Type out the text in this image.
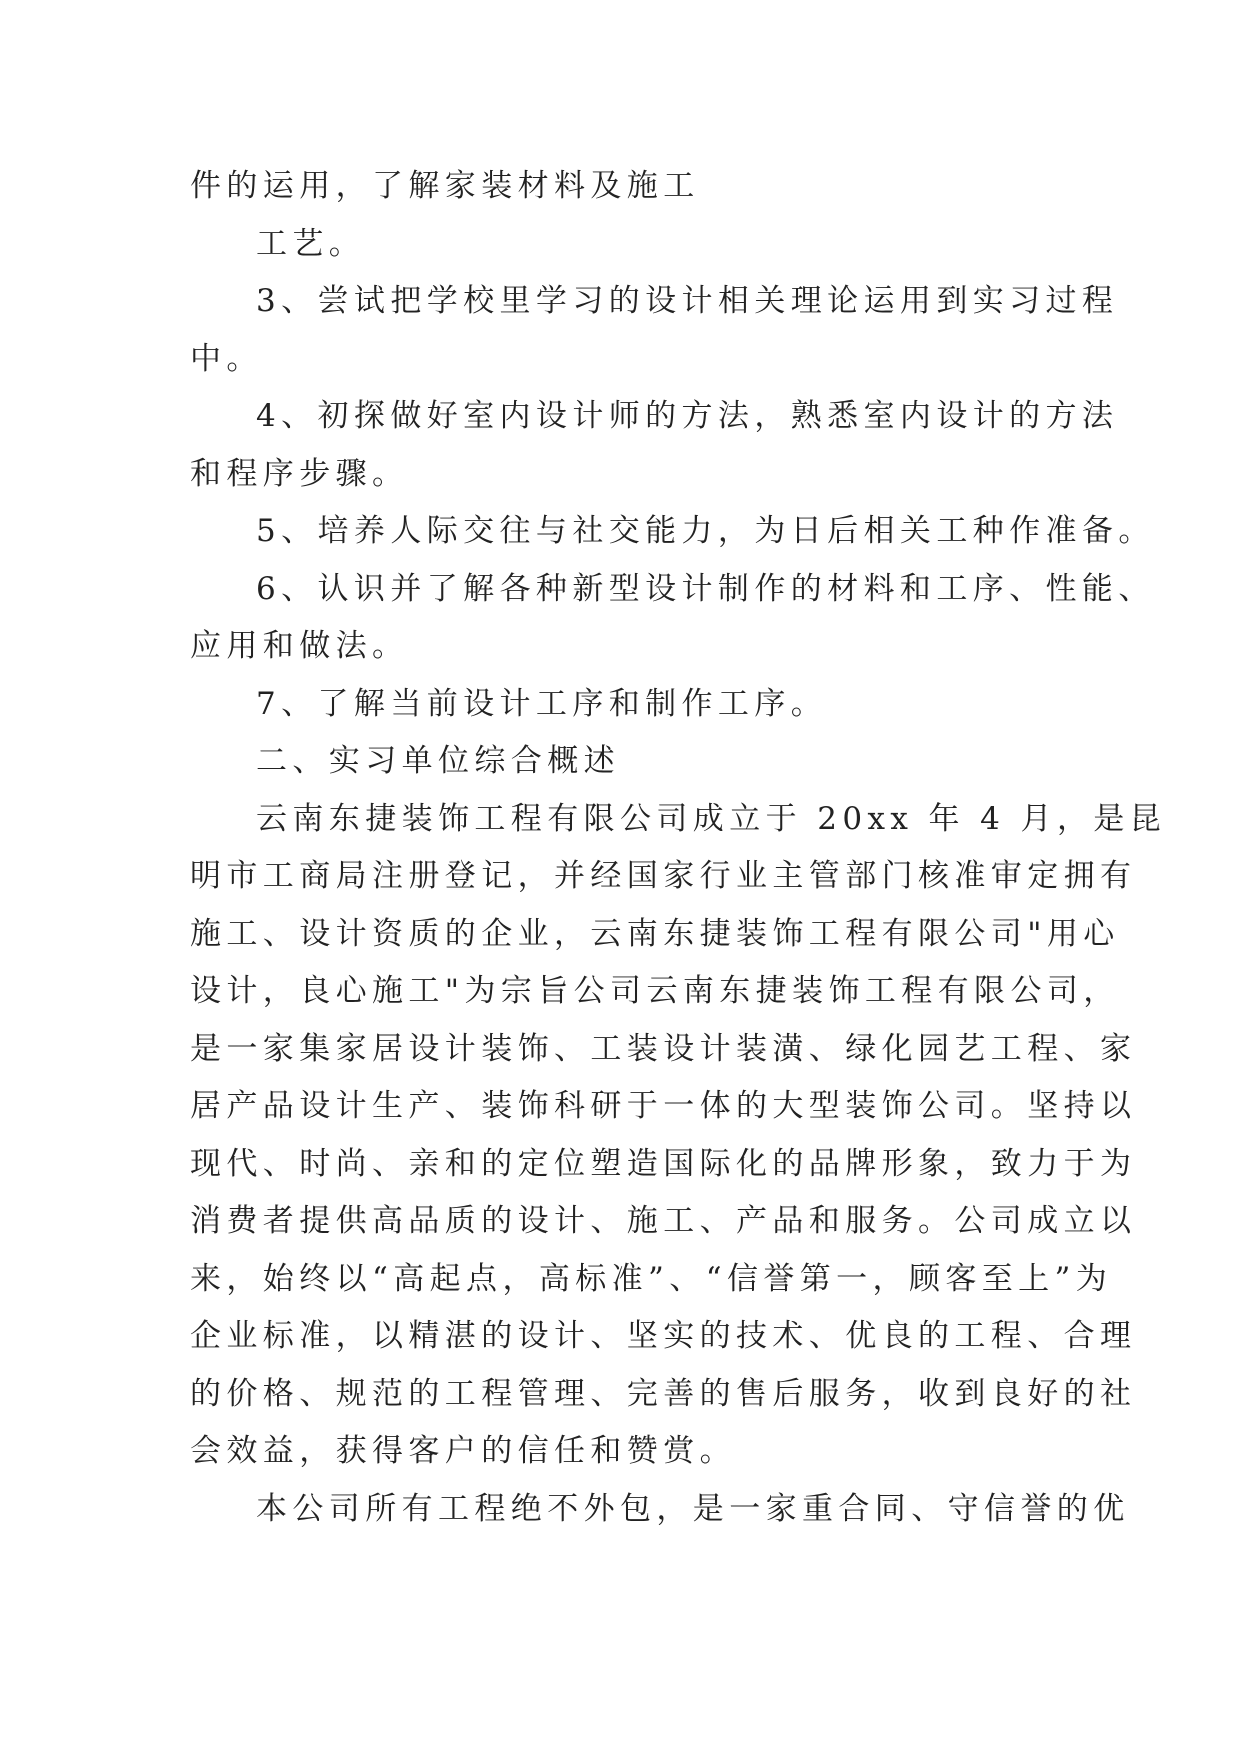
件的运用，了解家装材料及施工
工艺。
3、尝试把学校里学习的设计相关理论运用到实习过程
中。
4、初探做好室内设计师的方法，熟悉室内设计的方法
和程序步骤。
5、培养人际交往与社交能力，为日后相关工种作准备。
6、认识并了解各种新型设计制作的材料和工序、性能、
应用和做法。
7、了解当前设计工序和制作工序。
二、实习单位综合概述
云南东捷装饰工程有限公司成立于 20xx 年 4 月，是昆
明市工商局注册登记，并经国家行业主管部门核准审定拥有
施工、设计资质的企业，云南东捷装饰工程有限公司"用心
设计，良心施工"为宗旨公司云南东捷装饰工程有限公司，
是一家集家居设计装饰、工装设计装潢、绿化园艺工程、家
居产品设计生产、装饰科研于一体的大型装饰公司。坚持以
现代、时尚、亲和的定位塑造国际化的品牌形象，致力于为
消费者提供高品质的设计、施工、产品和服务。公司成立以
来，始终以“高起点，高标准”、“信誉第一，顾客至上”为
企业标准，以精湛的设计、坚实的技术、优良的工程、合理
的价格、规范的工程管理、完善的售后服务，收到良好的社
会效益，获得客户的信任和赞赏。
本公司所有工程绝不外包，是一家重合同、守信誉的优
